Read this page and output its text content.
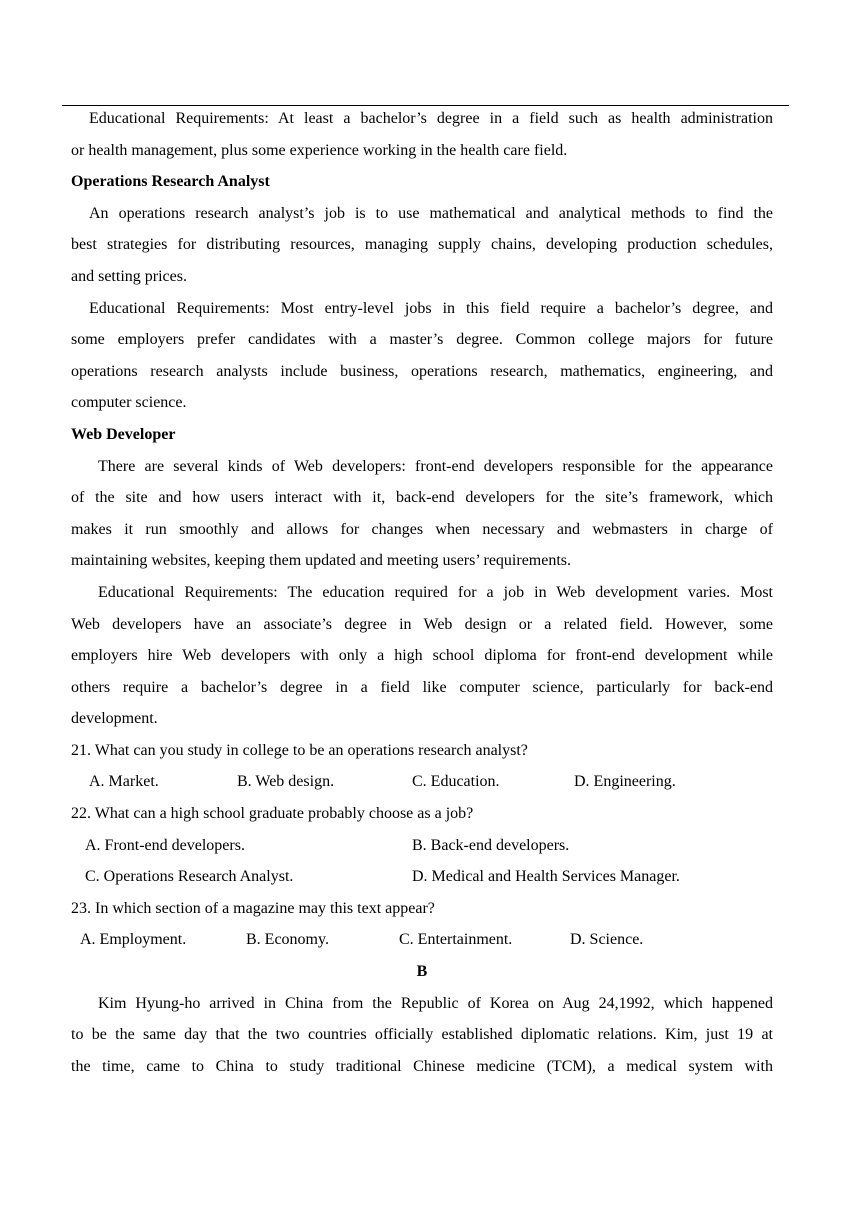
Educational Requirements: At least a bachelor’s degree in a field such as health administration
or health management, plus some experience working in the health care field.
Operations Research Analyst
An operations research analyst’s job is to use mathematical and analytical methods to find the
best strategies for distributing resources, managing supply chains, developing production schedules,
and setting prices.
Educational Requirements: Most entry-level jobs in this field require a bachelor’s degree, and
some employers prefer candidates with a master’s degree. Common college majors for future
operations research analysts include business, operations research, mathematics, engineering, and
computer science.
Web Developer
There are several kinds of Web developers: front-end developers responsible for the appearance
of the site and how users interact with it, back-end developers for the site’s framework, which
makes it run smoothly and allows for changes when necessary and webmasters in charge of
maintaining websites, keeping them updated and meeting users’ requirements.
Educational Requirements: The education required for a job in Web development varies. Most
Web developers have an associate’s degree in Web design or a related field. However, some
employers hire Web developers with only a high school diploma for front-end development while
others require a bachelor’s degree in a field like computer science, particularly for back-end
development.
21. What can you study in college to be an operations research analyst?
A. Market.	B. Web design.	C. Education.	D. Engineering.
22. What can a high school graduate probably choose as a job?
A. Front-end developers.	B. Back-end developers.
C. Operations Research Analyst.	D. Medical and Health Services Manager.
23. In which section of a magazine may this text appear?
A. Employment.	B. Economy.	C. Entertainment.	D. Science.
B
Kim Hyung-ho arrived in China from the Republic of Korea on Aug 24,1992, which happened
to be the same day that the two countries officially established diplomatic relations. Kim, just 19 at
the time, came to China to study traditional Chinese medicine (TCM), a medical system with
